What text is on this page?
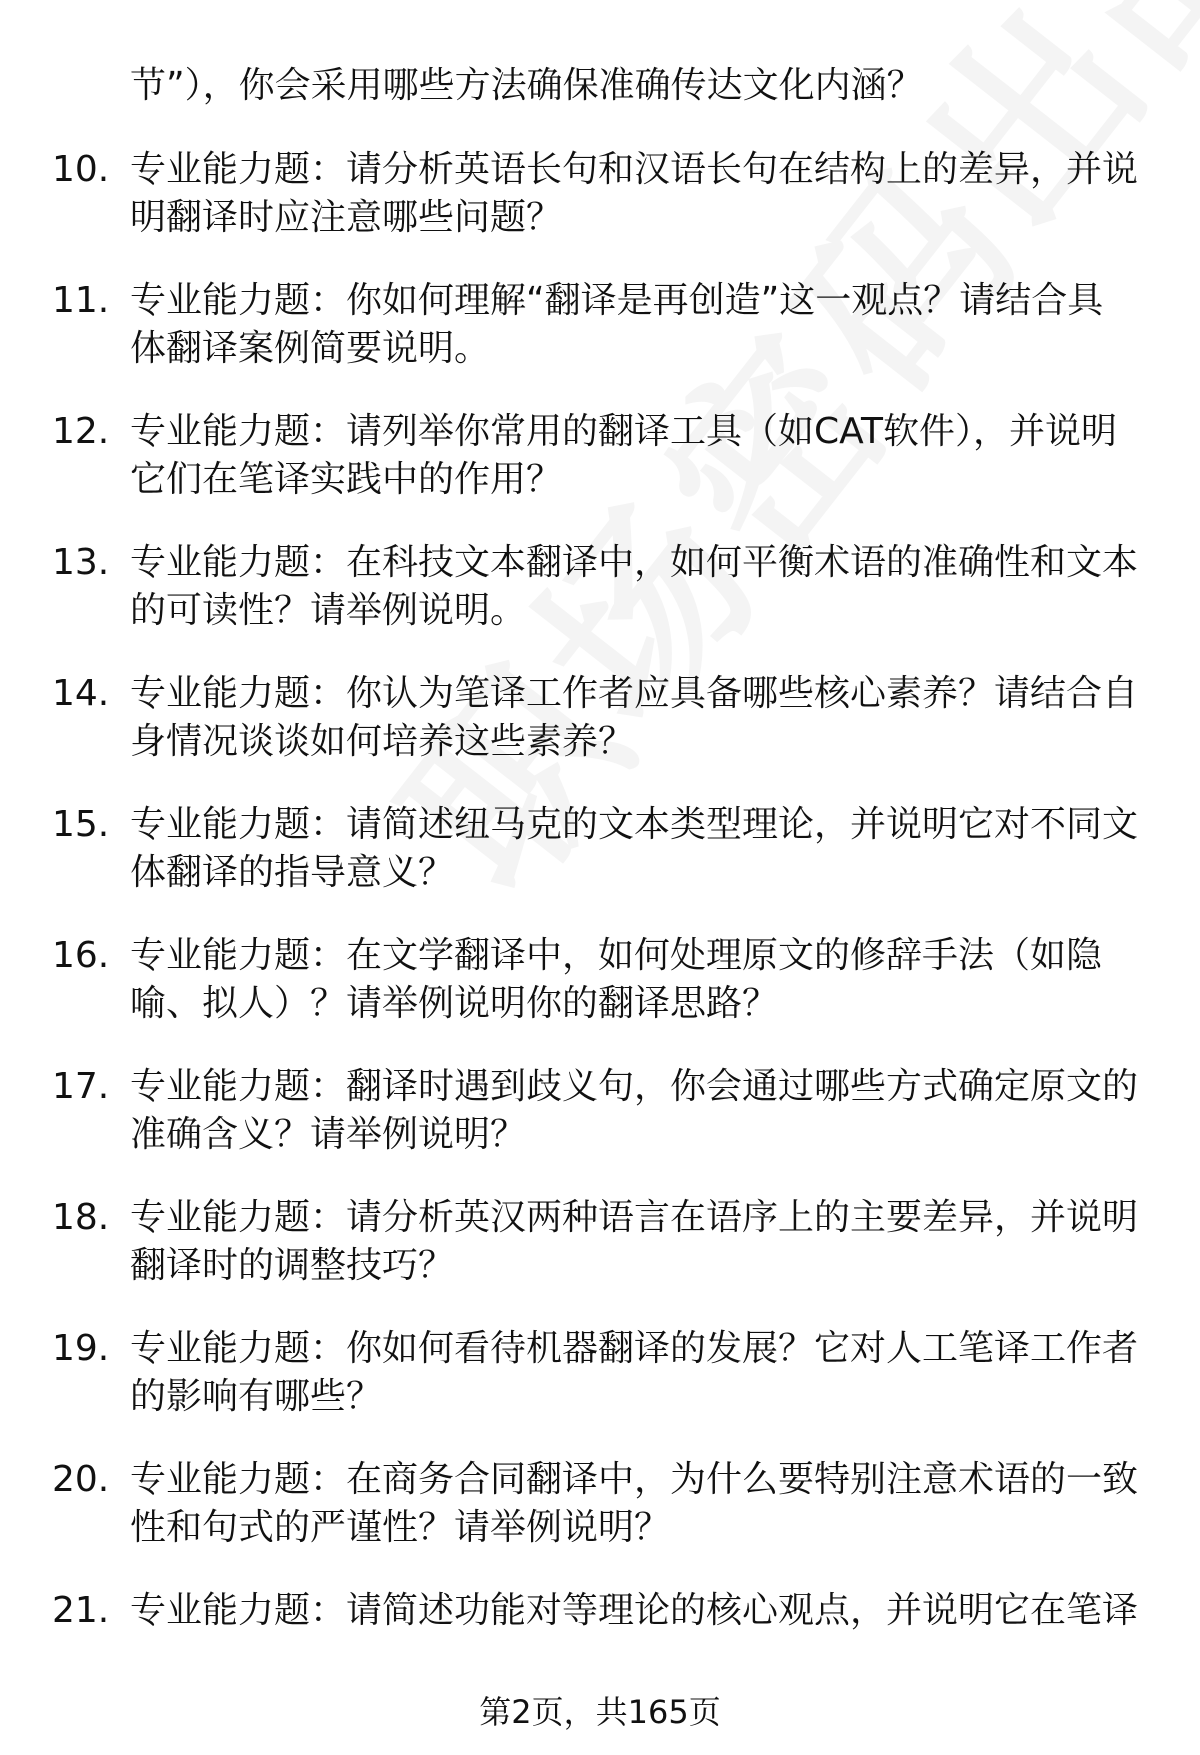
节”），你会采用哪些方法确保准确传达文化内涵？
10. 专业能力题：请分析英语长句和汉语长句在结构上的差异，并说
明翻译时应注意哪些问题？
11. 专业能力题：你如何理解“翻译是再创造”这一观点？请结合具
体翻译案例简要说明。
12. 专业能力题：请列举你常用的翻译工具（如CAT软件），并说明
它们在笔译实践中的作用？
13. 专业能力题：在科技文本翻译中，如何平衡术语的准确性和文本
的可读性？请举例说明。
14. 专业能力题：你认为笔译工作者应具备哪些核心素养？请结合自
身情况谈谈如何培养这些素养？
15. 专业能力题：请简述纽马克的文本类型理论，并说明它对不同文
体翻译的指导意义？
16. 专业能力题：在文学翻译中，如何处理原文的修辞手法（如隐
喻、拟人）？请举例说明你的翻译思路？
17. 专业能力题：翻译时遇到歧义句，你会通过哪些方式确定原文的
准确含义？请举例说明？
18. 专业能力题：请分析英汉两种语言在语序上的主要差异，并说明
翻译时的调整技巧？
19. 专业能力题：你如何看待机器翻译的发展？它对人工笔译工作者
的影响有哪些？
20. 专业能力题：在商务合同翻译中，为什么要特别注意术语的一致
性和句式的严谨性？请举例说明？
21. 专业能力题：请简述功能对等理论的核心观点，并说明它在笔译
第2页，共165页
